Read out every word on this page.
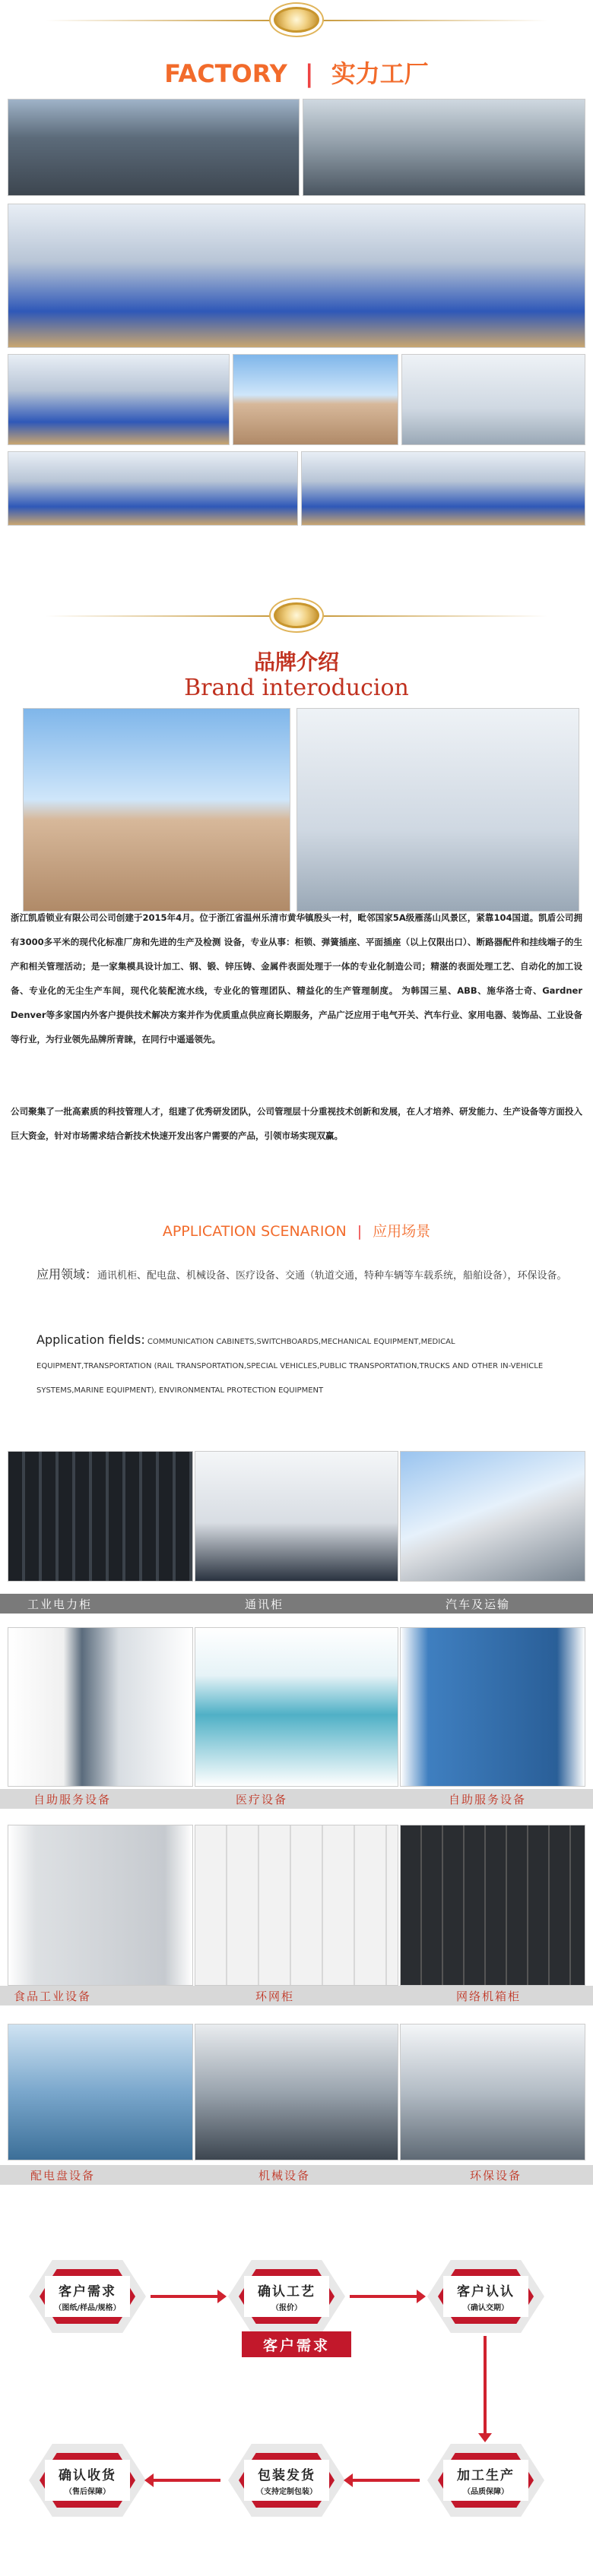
FACTORY | 实力工厂
品牌介绍
Brand interoducion
浙江凯盾锁业有限公司公司创建于2015年4月。位于浙江省温州乐清市黄华镇殷头一村，毗邻国家5A级雁荡山风景区，紧靠104国道。凯盾公司拥有3000多平米的现代化标准厂房和先进的生产及检测 设备，专业从事：柜锁、弹簧插座、平面插座（以上仅限出口）、断路器配件和挂线端子的生产和相关管理活动；是一家集模具设计加工、钢、锻、锌压铸、金属件表面处理于一体的专业化制造公司；精湛的表面处理工艺、自动化的加工设备、专业化的无尘生产车间，现代化装配流水线，专业化的管理团队、精益化的生产管理制度。 为韩国三星、ABB、施华洛士奇、Gardner Denver等多家国内外客户提供技术解决方案并作为优质重点供应商长期服务，产品广泛应用于电气开关、汽车行业、家用电器、装饰品、工业设备等行业，为行业领先品牌所青睐，在同行中遥遥领先。
公司聚集了一批高素质的科技管理人才，组建了优秀研发团队，公司管理层十分重视技术创新和发展，在人才培养、研发能力、生产设备等方面投入巨大资金，针对市场需求结合新技术快速开发出客户需要的产品，引领市场实现双赢。
APPLICATION SCENARION | 应用场景
应用领域：通讯机柜、配电盘、机械设备、医疗设备、交通（轨道交通，特种车辆等车载系统，船舶设备），环保设备。
Application fields: COMMUNICATION CABINETS,SWITCHBOARDS,MECHANICAL EQUIPMENT,MEDICAL EQUIPMENT,TRANSPORTATION (RAIL TRANSPORTATION,SPECIAL VEHICLES,PUBLIC TRANSPORTATION,TRUCKS AND OTHER IN-VEHICLE SYSTEMS,MARINE EQUIPMENT), ENVIRONMENTAL PROTECTION EQUIPMENT
工业电力柜	通讯柜	汽车及运输
自助服务设备	医疗设备	自助服务设备
食品工业设备	环网柜	网络机箱柜
配电盘设备	机械设备	环保设备
客户需求
（图纸/样品/规格）
确认工艺
（报价）
客户认认
（确认交期）
客户需求
确认收货
（售后保障）
包装发货
（支持定制包装）
加工生产
（品质保障）
